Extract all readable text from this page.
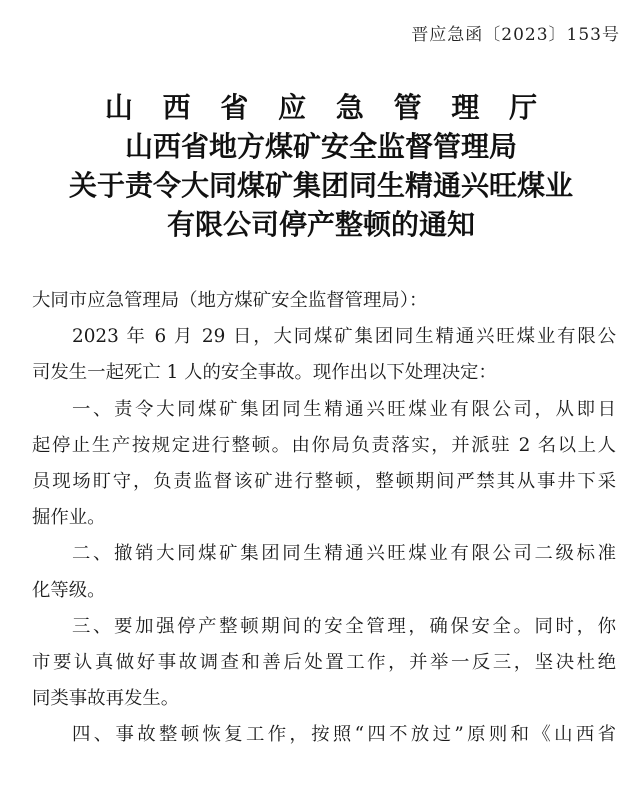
晋应急函〔2023〕153号
山 西 省 应 急 管 理 厅
山西省地方煤矿安全监督管理局
关于责令大同煤矿集团同生精通兴旺煤业
有限公司停产整顿的通知
大同市应急管理局（地方煤矿安全监督管理局）：
2023 年 6 月 29 日，大同煤矿集团同生精通兴旺煤业有限公
司发生一起死亡 1 人的安全事故。现作出以下处理决定：
一、责令大同煤矿集团同生精通兴旺煤业有限公司，从即日
起停止生产按规定进行整顿。由你局负责落实，并派驻 2 名以上人
员现场盯守，负责监督该矿进行整顿，整顿期间严禁其从事井下采
掘作业。
二、撤销大同煤矿集团同生精通兴旺煤业有限公司二级标准
化等级。
三、要加强停产整顿期间的安全管理，确保安全。同时，你
市要认真做好事故调查和善后处置工作，并举一反三，坚决杜绝
同类事故再发生。
四、事故整顿恢复工作，按照“四不放过”原则和《山西省
